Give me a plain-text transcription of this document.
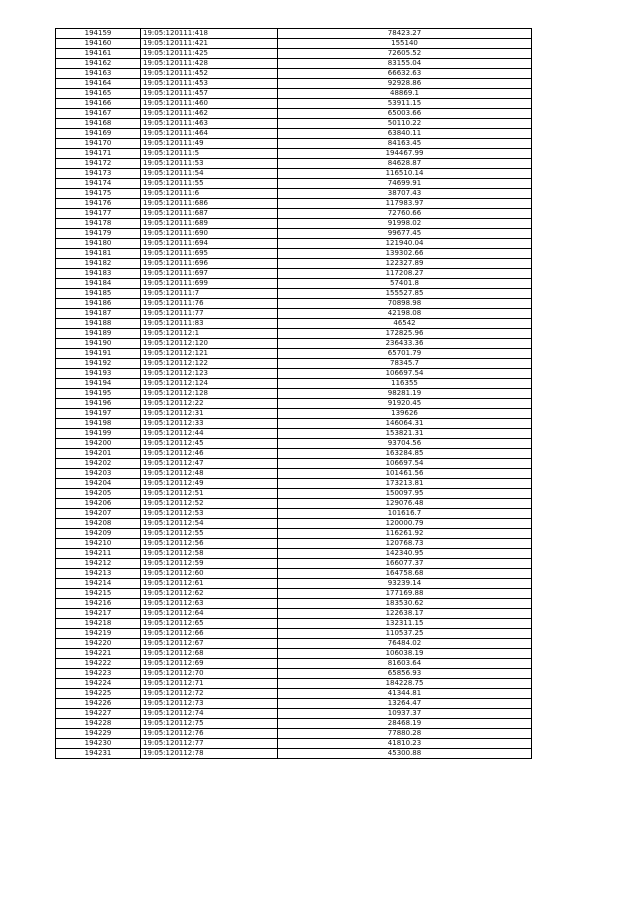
194159	19:05:120111:418	78423.27
194160	19:05:120111:421	155140
194161	19:05:120111:425	72605.52
194162	19:05:120111:428	83155.04
194163	19:05:120111:452	66632.63
194164	19:05:120111:453	92928.86
194165	19:05:120111:457	48869.1
194166	19:05:120111:460	53911.15
194167	19:05:120111:462	65003.66
194168	19:05:120111:463	50110.22
194169	19:05:120111:464	63840.11
194170	19:05:120111:49	84163.45
194171	19:05:120111:5	194467.99
194172	19:05:120111:53	84628.87
194173	19:05:120111:54	116510.14
194174	19:05:120111:55	74699.91
194175	19:05:120111:6	38707.43
194176	19:05:120111:686	117983.97
194177	19:05:120111:687	72760.66
194178	19:05:120111:689	91998.02
194179	19:05:120111:690	99677.45
194180	19:05:120111:694	121940.04
194181	19:05:120111:695	139302.66
194182	19:05:120111:696	122327.89
194183	19:05:120111:697	117208.27
194184	19:05:120111:699	57401.8
194185	19:05:120111:7	155527.85
194186	19:05:120111:76	70898.98
194187	19:05:120111:77	42198.08
194188	19:05:120111:83	46542
194189	19:05:120112:1	172825.96
194190	19:05:120112:120	236433.36
194191	19:05:120112:121	65701.79
194192	19:05:120112:122	78345.7
194193	19:05:120112:123	106697.54
194194	19:05:120112:124	116355
194195	19:05:120112:128	98281.19
194196	19:05:120112:22	91920.45
194197	19:05:120112:31	139626
194198	19:05:120112:33	146064.31
194199	19:05:120112:44	153821.31
194200	19:05:120112:45	93704.56
194201	19:05:120112:46	163284.85
194202	19:05:120112:47	106697.54
194203	19:05:120112:48	101461.56
194204	19:05:120112:49	173213.81
194205	19:05:120112:51	150097.95
194206	19:05:120112:52	129076.48
194207	19:05:120112:53	101616.7
194208	19:05:120112:54	120000.79
194209	19:05:120112:55	116261.92
194210	19:05:120112:56	120768.73
194211	19:05:120112:58	142340.95
194212	19:05:120112:59	166077.37
194213	19:05:120112:60	164758.68
194214	19:05:120112:61	93239.14
194215	19:05:120112:62	177169.88
194216	19:05:120112:63	183530.62
194217	19:05:120112:64	122638.17
194218	19:05:120112:65	132311.15
194219	19:05:120112:66	110537.25
194220	19:05:120112:67	76484.02
194221	19:05:120112:68	106038.19
194222	19:05:120112:69	81603.64
194223	19:05:120112:70	65856.93
194224	19:05:120112:71	184228.75
194225	19:05:120112:72	41344.81
194226	19:05:120112:73	13264.47
194227	19:05:120112:74	10937.37
194228	19:05:120112:75	28468.19
194229	19:05:120112:76	77880.28
194230	19:05:120112:77	41810.23
194231	19:05:120112:78	45300.88
